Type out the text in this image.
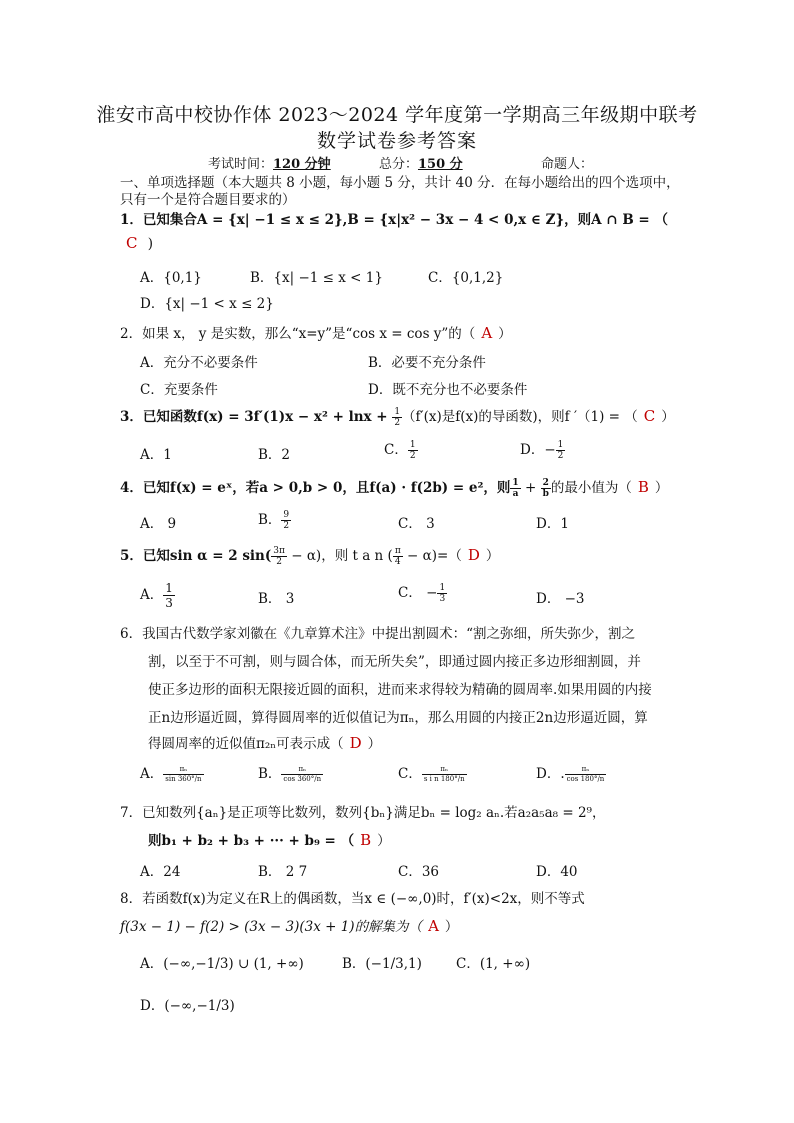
淮安市高中校协作体 2023～2024 学年度第一学期高三年级期中联考
数学试卷参考答案
考试时间：120 分钟	总分：150 分	命题人：
一、单项选择题（本大题共 8 小题，每小题 5 分，共计 40 分．在每小题给出的四个选项中，
只有一个是符合题目要求的）
1．已知集合A = {x| −1 ≤ x ≤ 2},B = {x|x² − 3x − 4 < 0,x ∈ Z}，则A ∩ B = （
C )
A．{0,1}	B．{x| −1 ≤ x < 1}	C．{0,1,2}
D．{x| −1 < x ≤ 2}
2．如果 x， y 是实数，那么“x=y”是“cos x = cos y”的（ A ）
A．充分不必要条件	B．必要不充分条件
C．充要条件	D．既不充分也不必要条件
3．已知函数$f(x) = 3f'(1)x - x^2 + \ln x + \frac{1}{2} (f'(x)$是f(x)的导函数)，则f ′（1) = （ C ）
A．1	B．2	C． $\frac{1}{2}$	D．− $\frac{1}{2}$
4．已知f(x) = eˣ，若a > 0,b > 0，且f(a) · f(2b) = e²，则 $\frac{1}{a} + \frac{2}{b}$ 的最小值为（ B ）
A． 9	B． $\frac{9}{2}$	C． 3	D．1
5．已知sin α = 2 $\sin( \frac{3\pi}{2} - \alpha)$，则 t a n ( $\frac{\pi}{4} - \alpha)=$（ D ）
A． $\frac{1}{3}$	B． 3	C． − $\frac{1}{3}$	D． −3
6．我国古代数学家刘徽在《九章算术注》中提出割圆术：“割之弥细，所失弥少，割之
割，以至于不可割，则与圆合体，而无所失矣”，即通过圆内接正多边形细割圆，并
使正多边形的面积无限接近圆的面积，进而来求得较为精确的圆周率.如果用圆的内接
正n边形逼近圆，算得圆周率的近似值记为πₙ，那么用圆的内接正2n边形逼近圆，算
得圆周率的近似值π₂ₙ可表示成（ D ）
A． $\frac{\text{πₙ}}{\sin 360^\circ/n}$	B． $\frac{\text{πₙ}}{\cos 360^\circ/n}$	C． $\frac{\text{πₙ}}{\text{s i n 180°/n}}$	D．. $\frac{\text{πₙ}}{\cos 180^\circ/n}$
7．已知数列{aₙ}是正项等比数列，数列{bₙ}满足bₙ = log₂ aₙ.若a₂a₅a₈ = 2⁹，
则b₁ + b₂ + b₃ + ··· + b₉ = （ B ）
A．24	B． 2 7	C．36	D．40
8．若函数f(x)为定义在R上的偶函数，当x ∈ (−∞,0)时，f′(x)<2x，则不等式
f(3x − 1) − f(2) > (3x − 3)(3x + 1)的解集为（ A ）
A．(−∞,−1/3) ∪ (1, +∞)	B．(−1/3,1)	C．(1, +∞)
D．(−∞,−1/3)
